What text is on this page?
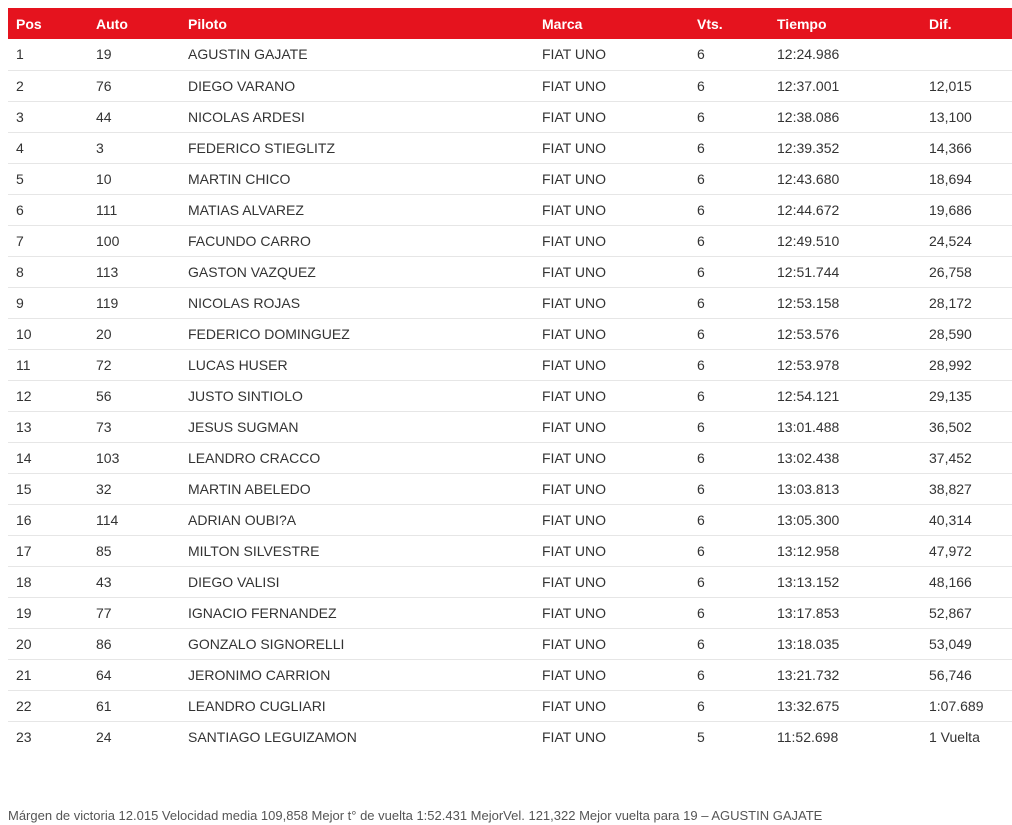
Pos	Auto	Piloto	Marca	Vts.	Tiempo	Dif.
1	19	AGUSTIN GAJATE	FIAT UNO	6	12:24.986	
2	76	DIEGO VARANO	FIAT UNO	6	12:37.001	12,015
3	44	NICOLAS ARDESI	FIAT UNO	6	12:38.086	13,100
4	3	FEDERICO STIEGLITZ	FIAT UNO	6	12:39.352	14,366
5	10	MARTIN CHICO	FIAT UNO	6	12:43.680	18,694
6	111	MATIAS ALVAREZ	FIAT UNO	6	12:44.672	19,686
7	100	FACUNDO CARRO	FIAT UNO	6	12:49.510	24,524
8	113	GASTON VAZQUEZ	FIAT UNO	6	12:51.744	26,758
9	119	NICOLAS ROJAS	FIAT UNO	6	12:53.158	28,172
10	20	FEDERICO DOMINGUEZ	FIAT UNO	6	12:53.576	28,590
11	72	LUCAS HUSER	FIAT UNO	6	12:53.978	28,992
12	56	JUSTO SINTIOLO	FIAT UNO	6	12:54.121	29,135
13	73	JESUS SUGMAN	FIAT UNO	6	13:01.488	36,502
14	103	LEANDRO CRACCO	FIAT UNO	6	13:02.438	37,452
15	32	MARTIN ABELEDO	FIAT UNO	6	13:03.813	38,827
16	114	ADRIAN OUBI?A	FIAT UNO	6	13:05.300	40,314
17	85	MILTON SILVESTRE	FIAT UNO	6	13:12.958	47,972
18	43	DIEGO VALISI	FIAT UNO	6	13:13.152	48,166
19	77	IGNACIO FERNANDEZ	FIAT UNO	6	13:17.853	52,867
20	86	GONZALO SIGNORELLI	FIAT UNO	6	13:18.035	53,049
21	64	JERONIMO CARRION	FIAT UNO	6	13:21.732	56,746
22	61	LEANDRO CUGLIARI	FIAT UNO	6	13:32.675	1:07.689
23	24	SANTIAGO LEGUIZAMON	FIAT UNO	5	11:52.698	1 Vuelta
Márgen de victoria 12.015 Velocidad media 109,858 Mejor t° de vuelta 1:52.431 MejorVel. 121,322 Mejor vuelta para 19 – AGUSTIN GAJATE
